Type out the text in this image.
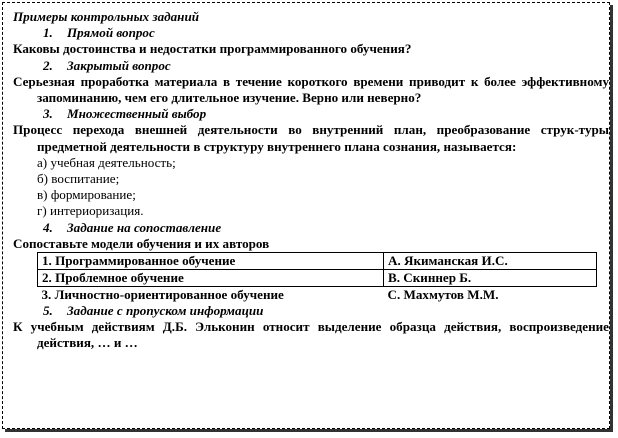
Примеры контрольных заданий
1. Прямой вопрос
Каковы достоинства и недостатки программированного обучения?
2. Закрытый вопрос
Серьезная проработка материала в течение короткого времени приводит к более эффективному запоминанию, чем его длительное изучение. Верно или неверно?
3. Множественный выбор
Процесс перехода внешней деятельности во внутренний план, преобразование струк-туры предметной деятельности в структуру внутреннего плана сознания, называется:
а) учебная деятельность;
б) воспитание;
в) формирование;
г) интериоризация.
4. Задание на сопоставление
Сопоставьте модели обучения и их авторов
1. Программированное обучение	А. Якиманская И.С.
2. Проблемное обучение	В. Скиннер Б.
3. Личностно-ориентированное обучение	С. Махмутов М.М.
5. Задание с пропуском информации
К учебным действиям Д.Б. Эльконин относит выделение образца действия, воспроизведение действия, … и …
